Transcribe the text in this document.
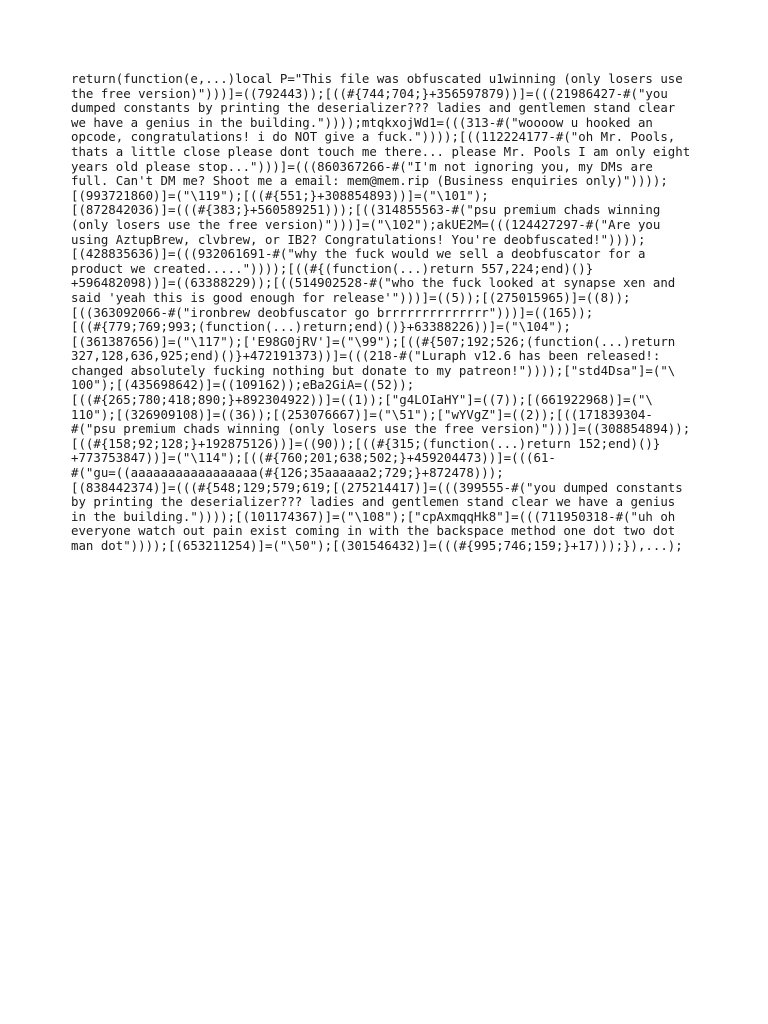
return(function(e,...)local P="This file was obfuscated u1winning (only losers use
the free version)")))]=((792443));[((#{744;704;}+356597879))]=(((21986427-#("you
dumped constants by printing the deserializer??? ladies and gentlemen stand clear
we have a genius in the building."))));mtqkxojWd1=(((313-#("woooow u hooked an
opcode, congratulations! i do NOT give a fuck."))));[((112224177-#("oh Mr. Pools,
thats a little close please dont touch me there... please Mr. Pools I am only eight
years old please stop...")))]=(((860367266-#("I'm not ignoring you, my DMs are
full. Can't DM me? Shoot me a email: mem@mem.rip (Business enquiries only)"))));
[(993721860)]=("\119");[((#{551;}+308854893))]=("\101");
[(872842036)]=(((#{383;}+560589251)));[((314855563-#("psu premium chads winning
(only losers use the free version)")))]=("\102");akUE2M=(((124427297-#("Are you
using AztupBrew, clvbrew, or IB2? Congratulations! You're deobfuscated!"))));
[(428835636)]=(((932061691-#("why the fuck would we sell a deobfuscator for a
product we created....."))));[((#{(function(...)return 557,224;end)()}
+596482098))]=((63388229));[((514902528-#("who the fuck looked at synapse xen and
said 'yeah this is good enough for release'")))]=((5));[(275015965)]=((8));
[((363092066-#("ironbrew deobfuscator go brrrrrrrrrrrrrr")))]=((165));
[((#{779;769;993;(function(...)return;end)()}+63388226))]=("\104");
[(361387656)]=("\117");['E98G0jRV']=("\99");[((#{507;192;526;(function(...)return
327,128,636,925;end)()}+472191373))]=(((218-#("Luraph v12.6 has been released!:
changed absolutely fucking nothing but donate to my patreon!"))));["std4Dsa"]=("\
100");[(435698642)]=((109162));eBa2GiA=((52));
[((#{265;780;418;890;}+892304922))]=((1));["g4LOIaHY"]=((7));[(661922968)]=("\
110");[(326909108)]=((36));[(253076667)]=("\51");["wYVgZ"]=((2));[((171839304-
#("psu premium chads winning (only losers use the free version)")))]=((308854894));
[((#{158;92;128;}+192875126))]=((90));[((#{315;(function(...)return 152;end)()}
+773753847))]=("\114");[((#{760;201;638;502;}+459204473))]=(((61-
#("gu=((aaaaaaaaaaaaaaaaa(#{126;35aaaaaa2;729;}+872478)));
[(838442374)]=(((#{548;129;579;619;[(275214417)]=(((399555-#("you dumped constants
by printing the deserializer??? ladies and gentlemen stand clear we have a genius
in the building."))));[(101174367)]=("\108");["cpAxmqqHk8"]=(((711950318-#("uh oh
everyone watch out pain exist coming in with the backspace method one dot two dot
man dot"))));[(653211254)]=("\50");[(301546432)]=(((#{995;746;159;}+17)));}),...);
